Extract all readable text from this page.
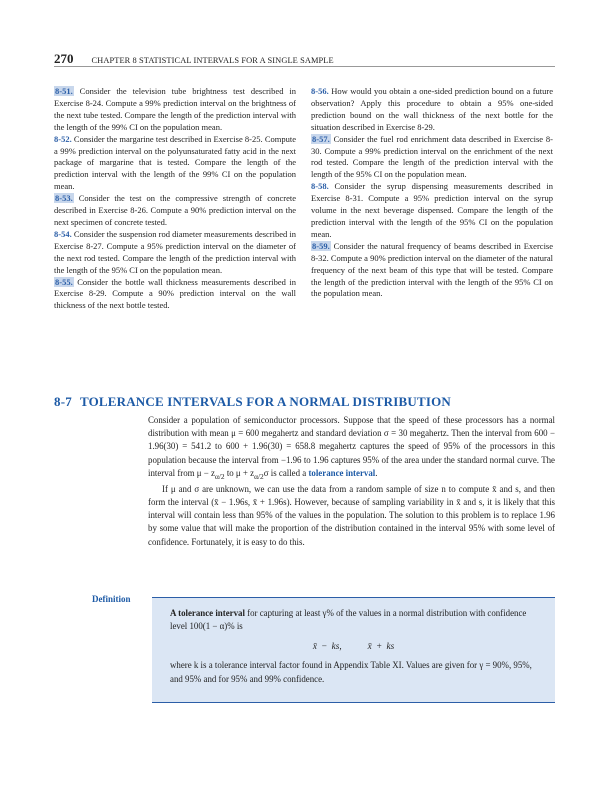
270 CHAPTER 8 STATISTICAL INTERVALS FOR A SINGLE SAMPLE

8-51. Consider the television tube brightness test described in Exercise 8-24. Compute a 99% prediction interval on the brightness of the next tube tested. Compare the length of the prediction interval with the length of the 99% CI on the population mean.

8-52. Consider the margarine test described in Exercise 8-25. Compute a 99% prediction interval on the polyunsaturated fatty acid in the next package of margarine that is tested. Compare the length of the prediction interval with the length of the 99% CI on the population mean.

8-53. Consider the test on the compressive strength of concrete described in Exercise 8-26. Compute a 90% prediction interval on the next specimen of concrete tested.

8-54. Consider the suspension rod diameter measurements described in Exercise 8-27. Compute a 95% prediction interval on the diameter of the next rod tested. Compare the length of the prediction interval with the length of the 95% CI on the population mean.

8-55. Consider the bottle wall thickness measurements described in Exercise 8-29. Compute a 90% prediction interval on the wall thickness of the next bottle tested.

8-56. How would you obtain a one-sided prediction bound on a future observation? Apply this procedure to obtain a 95% one-sided prediction bound on the wall thickness of the next bottle for the situation described in Exercise 8-29.

8-57. Consider the fuel rod enrichment data described in Exercise 8-30. Compute a 99% prediction interval on the enrichment of the next rod tested. Compare the length of the prediction interval with the length of the 95% CI on the population mean.

8-58. Consider the syrup dispensing measurements described in Exercise 8-31. Compute a 95% prediction interval on the syrup volume in the next beverage dispensed. Compare the length of the prediction interval with the length of the 95% CI on the population mean.

8-59. Consider the natural frequency of beams described in Exercise 8-32. Compute a 90% prediction interval on the diameter of the natural frequency of the next beam of this type that will be tested. Compare the length of the prediction interval with the length of the 95% CI on the population mean.

8-7 TOLERANCE INTERVALS FOR A NORMAL DISTRIBUTION

Consider a population of semiconductor processors. Suppose that the speed of these processors has a normal distribution with mean μ = 600 megahertz and standard deviation σ = 30 megahertz. Then the interval from 600 − 1.96(30) = 541.2 to 600 + 1.96(30) = 658.8 megahertz captures the speed of 95% of the processors in this population because the interval from −1.96 to 1.96 captures 95% of the area under the standard normal curve. The interval from $\mu - z_{\alpha/2}$ to $\mu + z_{\alpha/2}\sigma$ is called a tolerance interval.

If μ and σ are unknown, we can use the data from a random sample of size n to compute x̄ and s, and then form the interval (x̄ − 1.96s, x̄ + 1.96s). However, because of sampling variability in x̄ and s, it is likely that this interval will contain less than 95% of the values in the population. The solution to this problem is to replace 1.96 by some value that will make the proportion of the distribution contained in the interval 95% with some level of confidence. Fortunately, it is easy to do this.

Definition

A tolerance interval for capturing at least γ% of the values in a normal distribution with confidence level 100(1 − α)% is

x̄ − ks,	x̄ + ks

where k is a tolerance interval factor found in Appendix Table XI. Values are given for γ = 90%, 95%, and 95% and for 95% and 99% confidence.
